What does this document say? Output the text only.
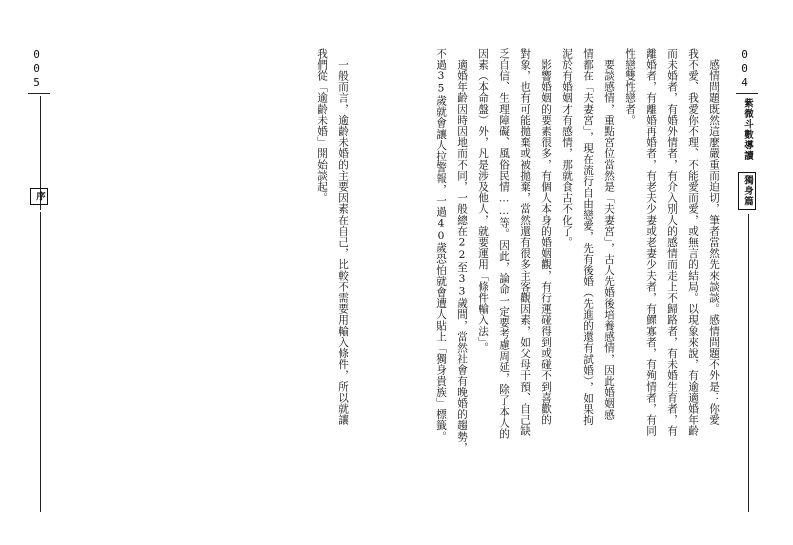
005
序	　一般而言，逾齡未婚的主要因素在自己，比較不需要用輸入條件，所以就讓
我們從「逾齡未婚」開始談起。	　感情問題既然這麼嚴重而迫切，筆者當然先來談談。感情問題不外是：你愛
我不愛、我愛你不理、不能愛而愛，或無言的結局。以現象來說，有逾適婚年齡
而未婚者，有婚外情者，有介入別人的感情而走上不歸路者，有未婚生育者，有
離婚者，有離婚再婚者，有老夫少妻或老妻少夫者，有鰥寡者，有殉情者，有同
性戀雙性戀者。
　要談感情，重點宮位當然是「夫妻宮」，古人先婚後培養感情，因此婚姻感
情都在「夫妻宮」，現在流行自由戀愛，先有後婚（先進的還有試婚），如果拘
泥於有婚姻才有感情，那就食古不化了。
　影響婚姻的要素很多，有個人本身的婚姻觀，有行運碰得到或碰不到喜歡的
對象，也有可能拋棄或被拋棄，當然還有很多主客觀因素，如父母干預、自己缺
乏自信、生理障礙、風俗民情……等。因此，論命一定要考慮周延，除了本人的
因素（本命盤）外，凡是涉及他人，就要運用「條件輸入法」。
　適婚年齡因時因地而不同，一般總在22至33歲間，當然社會有晚婚的趨勢，
不過35歲就會讓人拉警報，一過40歲恐怕就會遭人貼上「獨身貴族」標籤。	004
紫微斗數導讀
獨身篇
